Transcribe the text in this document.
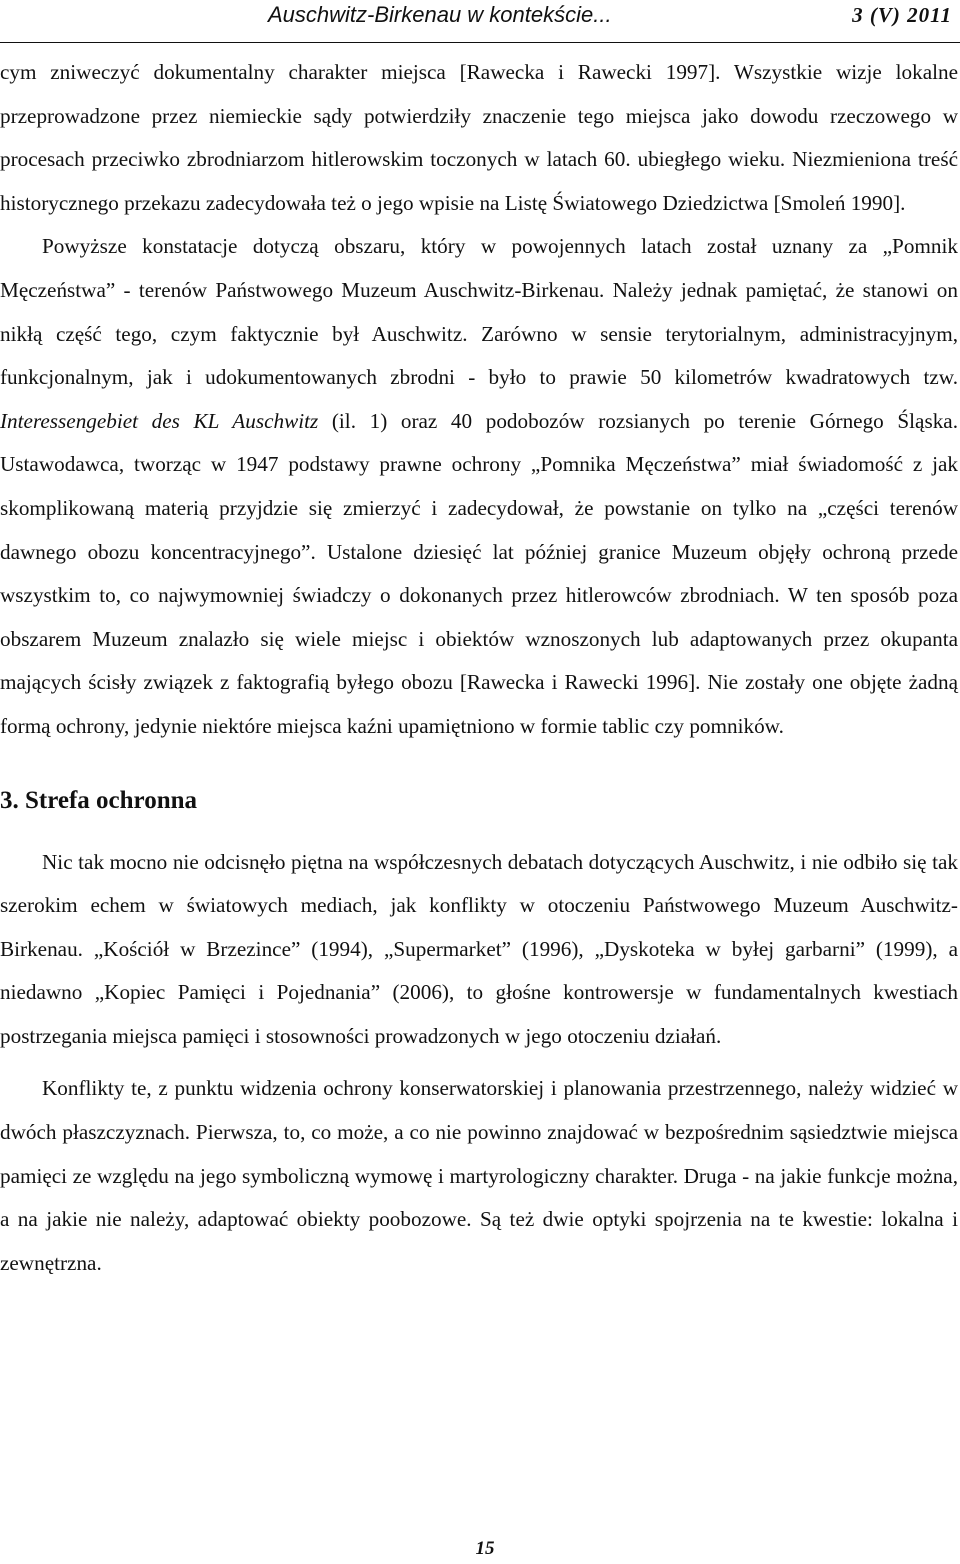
Auschwitz-Birkenau w kontekście...	3 (V) 2011

cym zniweczyć dokumentalny charakter miejsca [Rawecka i Rawecki 1997]. Wszystkie wizje lokalne przeprowadzone przez niemieckie sądy potwierdziły znaczenie tego miejsca jako dowodu rzeczowego w procesach przeciwko zbrodniarzom hitlerowskim toczonych w latach 60. ubiegłego wieku. Niezmieniona treść historycznego przekazu zadecydowała też o jego wpisie na Listę Światowego Dziedzictwa [Smoleń 1990].

Powyższe konstatacje dotyczą obszaru, który w powojennych latach został uznany za „Pomnik Męczeństwa” - terenów Państwowego Muzeum Auschwitz-Birkenau. Należy jednak pamiętać, że stanowi on nikłą część tego, czym faktycznie był Auschwitz. Zarówno w sensie terytorialnym, administracyjnym, funkcjonalnym, jak i udokumentowanych zbrodni - było to prawie 50 kilometrów kwadratowych tzw. Interessengebiet des KL Auschwitz (il. 1) oraz 40 podobozów rozsianych po terenie Górnego Śląska. Ustawodawca, tworząc w 1947 podstawy prawne ochrony „Pomnika Męczeństwa” miał świadomość z jak skomplikowaną materią przyjdzie się zmierzyć i zadecydował, że powstanie on tylko na „części terenów dawnego obozu koncentracyjnego”. Ustalone dziesięć lat później granice Muzeum objęły ochroną przede wszystkim to, co najwymowniej świadczy o dokonanych przez hitlerowców zbrodniach. W ten sposób poza obszarem Muzeum znalazło się wiele miejsc i obiektów wznoszonych lub adaptowanych przez okupanta mających ścisły związek z faktografią byłego obozu [Rawecka i Rawecki 1996]. Nie zostały one objęte żadną formą ochrony, jedynie niektóre miejsca kaźni upamiętniono w formie tablic czy pomników.

3. Strefa ochronna

Nic tak mocno nie odcisnęło piętna na współczesnych debatach dotyczących Auschwitz, i nie odbiło się tak szerokim echem w światowych mediach, jak konflikty w otoczeniu Państwowego Muzeum Auschwitz-Birkenau. „Kościół w Brzezince” (1994), „Supermarket” (1996), „Dyskoteka w byłej garbarni” (1999), a niedawno „Kopiec Pamięci i Pojednania” (2006), to głośne kontrowersje w fundamentalnych kwestiach postrzegania miejsca pamięci i stosowności prowadzonych w jego otoczeniu działań.

Konflikty te, z punktu widzenia ochrony konserwatorskiej i planowania przestrzennego, należy widzieć w dwóch płaszczyznach. Pierwsza, to, co może, a co nie powinno znajdować w bezpośrednim sąsiedztwie miejsca pamięci ze względu na jego symboliczną wymowę i martyrologiczny charakter. Druga - na jakie funkcje można, a na jakie nie należy, adaptować obiekty poobozowe. Są też dwie optyki spojrzenia na te kwestie: lokalna i zewnętrzna.

15
